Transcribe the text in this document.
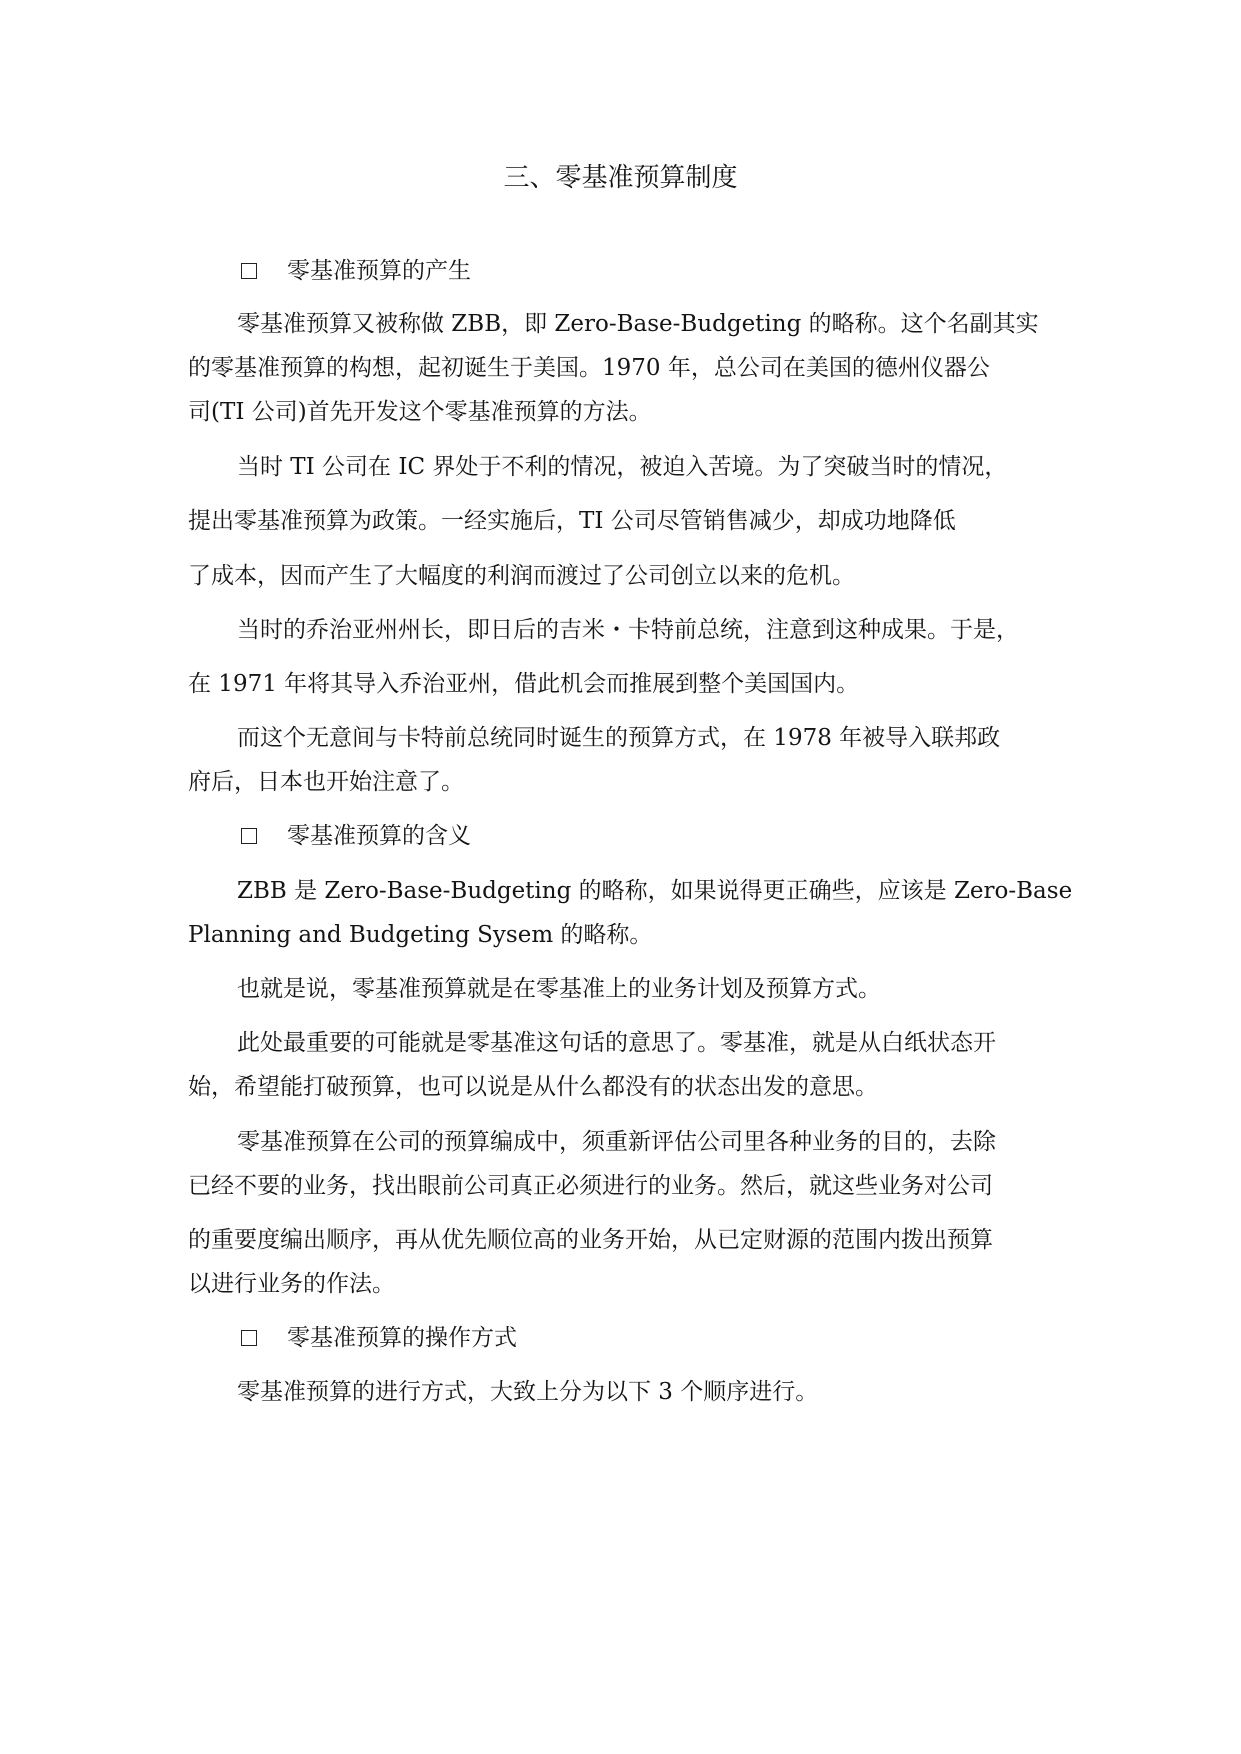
三、零基准预算制度
零基准预算的产生
零基准预算又被称做 ZBB，即 Zero-Base-Budgeting 的略称。这个名副其实
的零基准预算的构想，起初诞生于美国。1970 年，总公司在美国的德州仪器公
司(TI 公司)首先开发这个零基准预算的方法。
当时 TI 公司在 IC 界处于不利的情况，被迫入苦境。为了突破当时的情况，
提出零基准预算为政策。一经实施后，TI 公司尽管销售减少，却成功地降低
了成本，因而产生了大幅度的利润而渡过了公司创立以来的危机。
当时的乔治亚州州长，即日后的吉米・卡特前总统，注意到这种成果。于是，
在 1971 年将其导入乔治亚州，借此机会而推展到整个美国国内。
而这个无意间与卡特前总统同时诞生的预算方式，在 1978 年被导入联邦政
府后，日本也开始注意了。
零基准预算的含义
ZBB 是 Zero-Base-Budgeting 的略称，如果说得更正确些，应该是 Zero-Base
Planning and Budgeting Sysem 的略称。
也就是说，零基准预算就是在零基准上的业务计划及预算方式。
此处最重要的可能就是零基准这句话的意思了。零基准，就是从白纸状态开
始，希望能打破预算，也可以说是从什么都没有的状态出发的意思。
零基准预算在公司的预算编成中，须重新评估公司里各种业务的目的，去除
已经不要的业务，找出眼前公司真正必须进行的业务。然后，就这些业务对公司
的重要度编出顺序，再从优先顺位高的业务开始，从已定财源的范围内拨出预算
以进行业务的作法。
零基准预算的操作方式
零基准预算的进行方式，大致上分为以下 3 个顺序进行。
